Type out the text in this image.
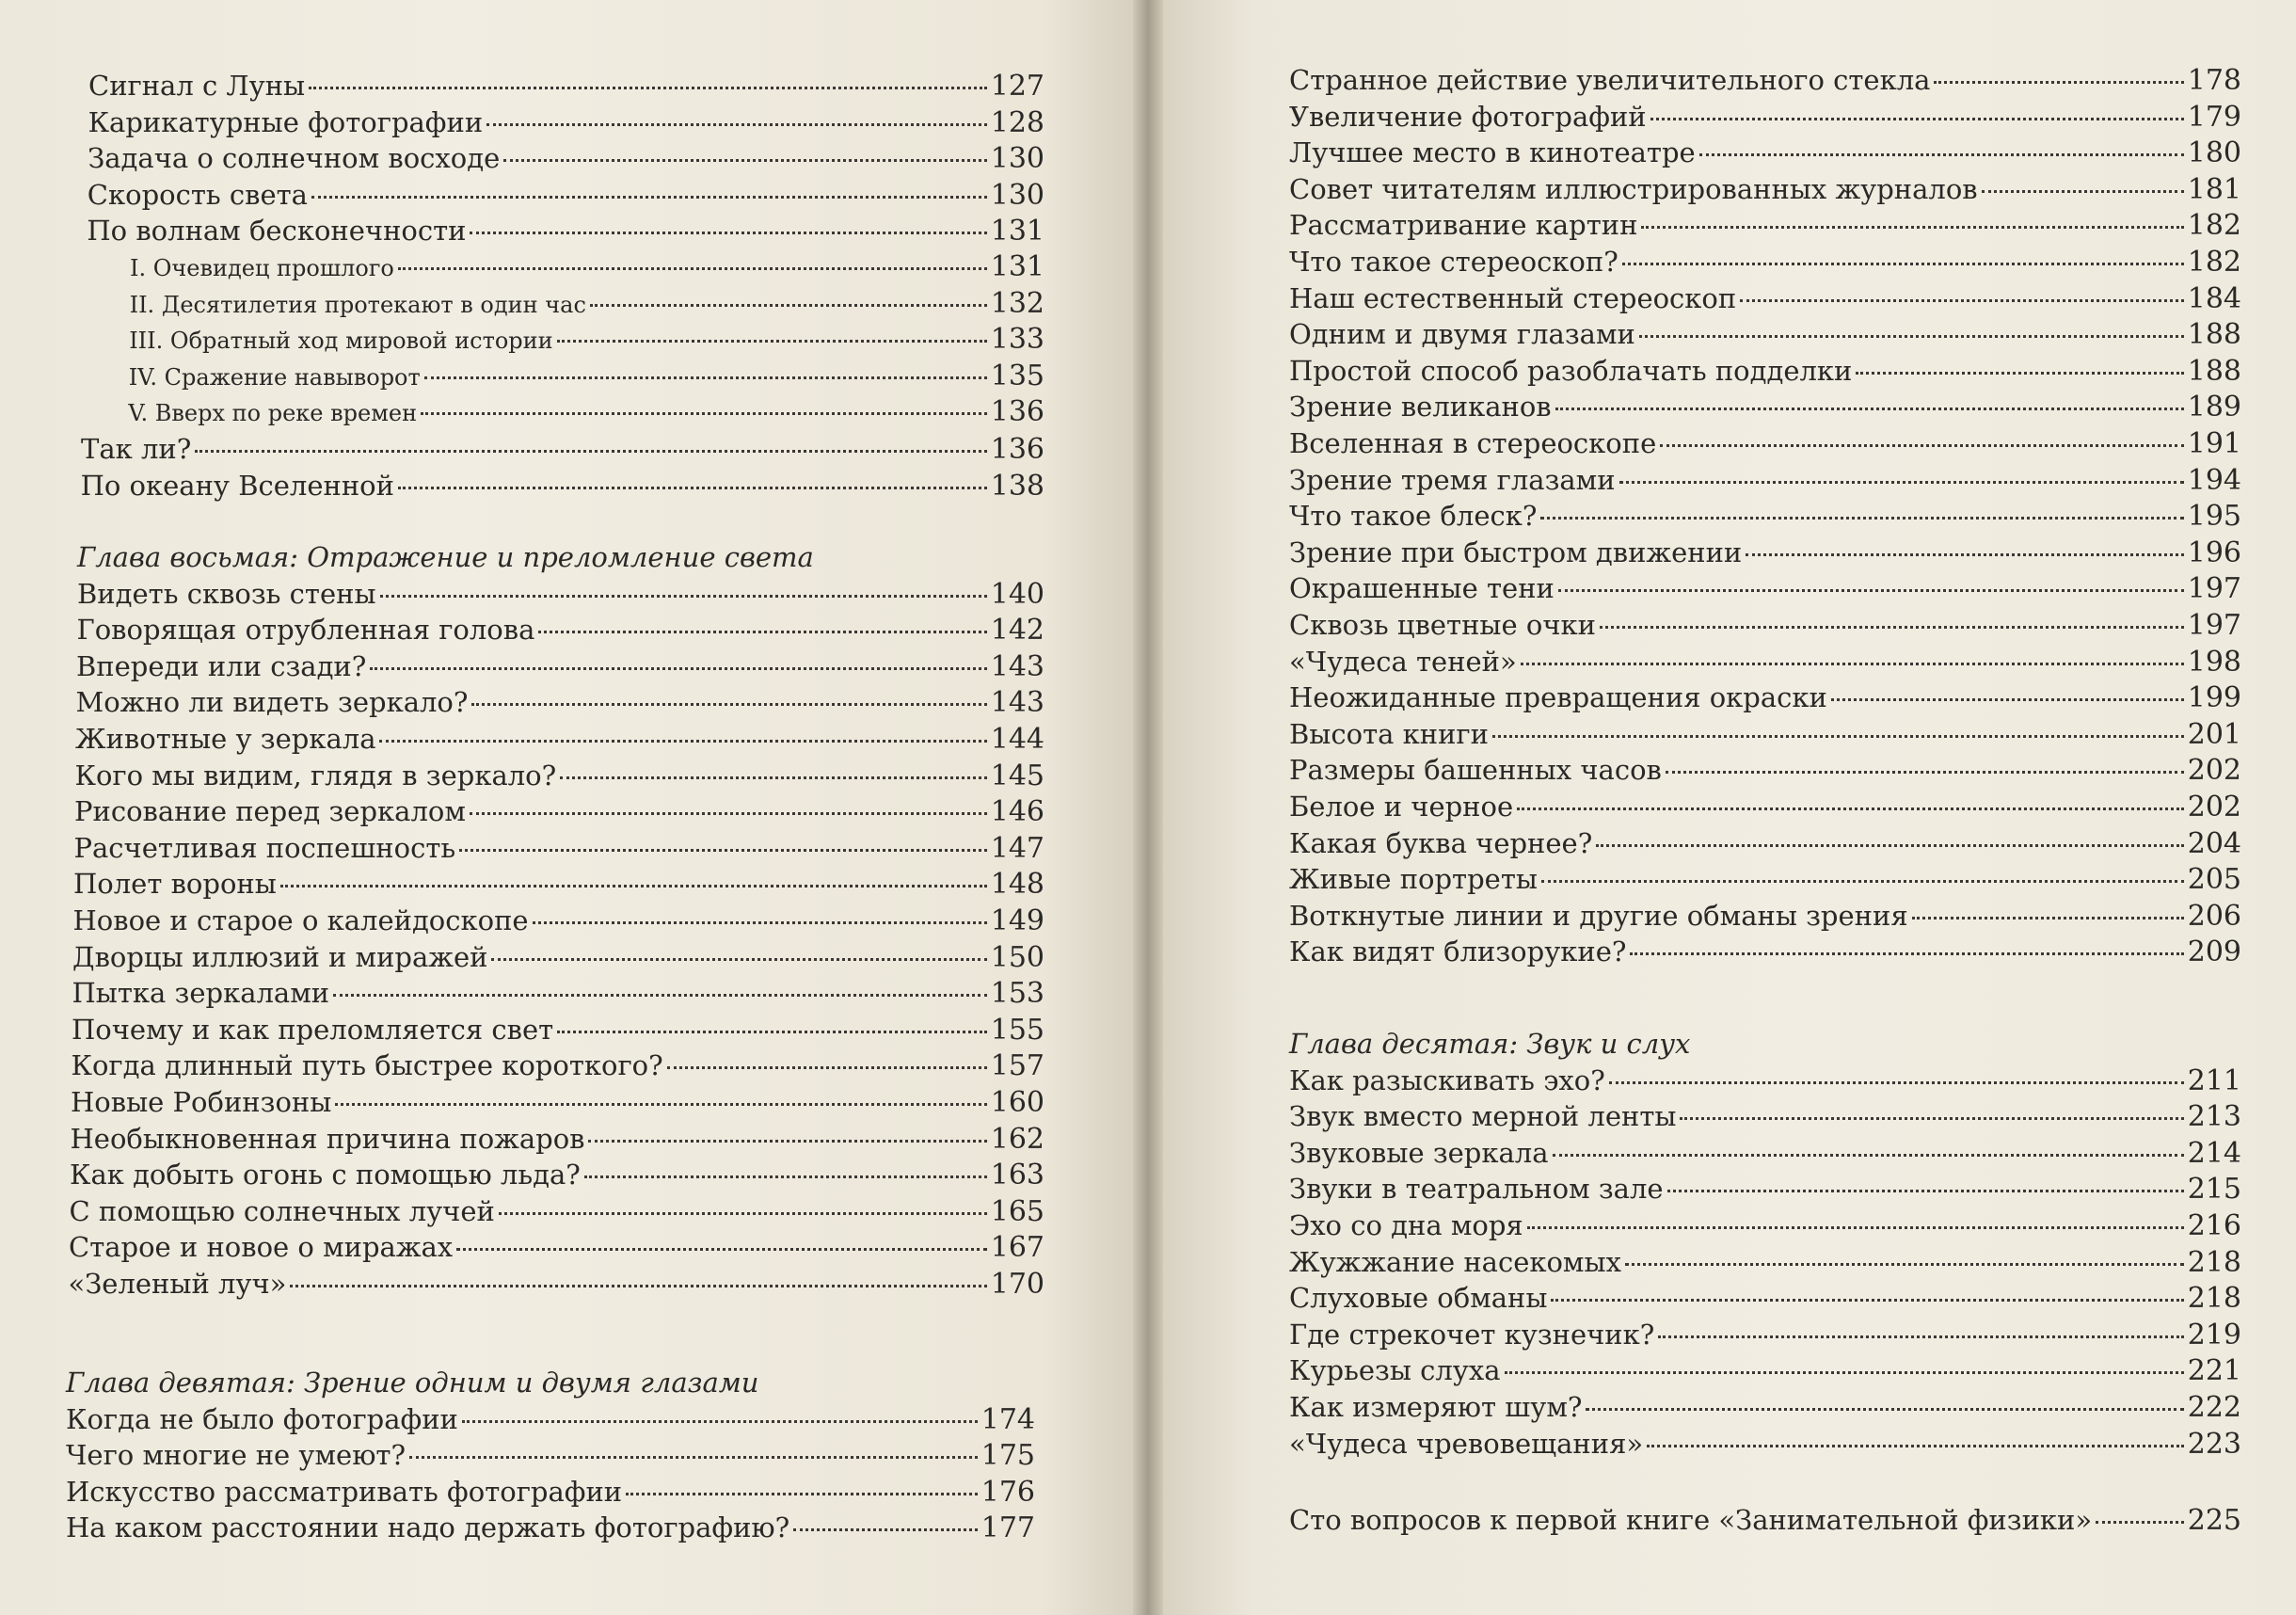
Сигнал с Луны	127
Карикатурные фотографии	128
Задача о солнечном восходе	130
Скорость света	130
По волнам бесконечности	131
I. Очевидец прошлого	131
II. Десятилетия протекают в один час	132
III. Обратный ход мировой истории	133
IV. Сражение навыворот	135
V. Вверх по реке времен	136
Так ли?	136
По океану Вселенной	138
Глава восьмая: Отражение и преломление света
Видеть сквозь стены	140
Говорящая отрубленная голова	142
Впереди или сзади?	143
Можно ли видеть зеркало?	143
Животные у зеркала	144
Кого мы видим, глядя в зеркало?	145
Рисование перед зеркалом	146
Расчетливая поспешность	147
Полет вороны	148
Новое и старое о калейдоскопе	149
Дворцы иллюзий и миражей	150
Пытка зеркалами	153
Почему и как преломляется свет	155
Когда длинный путь быстрее короткого?	157
Новые Робинзоны	160
Необыкновенная причина пожаров	162
Как добыть огонь с помощью льда?	163
С помощью солнечных лучей	165
Старое и новое о миражах	167
«Зеленый луч»	170
Глава девятая: Зрение одним и двумя глазами
Когда не было фотографии	174
Чего многие не умеют?	175
Искусство рассматривать фотографии	176
На каком расстоянии надо держать фотографию?	177
Странное действие увеличительного стекла	178
Увеличение фотографий	179
Лучшее место в кинотеатре	180
Совет читателям иллюстрированных журналов	181
Рассматривание картин	182
Что такое стереоскоп?	182
Наш естественный стереоскоп	184
Одним и двумя глазами	188
Простой способ разоблачать подделки	188
Зрение великанов	189
Вселенная в стереоскопе	191
Зрение тремя глазами	194
Что такое блеск?	195
Зрение при быстром движении	196
Окрашенные тени	197
Сквозь цветные очки	197
«Чудеса теней»	198
Неожиданные превращения окраски	199
Высота книги	201
Размеры башенных часов	202
Белое и черное	202
Какая буква чернее?	204
Живые портреты	205
Воткнутые линии и другие обманы зрения	206
Как видят близорукие?	209
Глава десятая: Звук и слух
Как разыскивать эхо?	211
Звук вместо мерной ленты	213
Звуковые зеркала	214
Звуки в театральном зале	215
Эхо со дна моря	216
Жужжание насекомых	218
Слуховые обманы	218
Где стрекочет кузнечик?	219
Курьезы слуха	221
Как измеряют шум?	222
«Чудеса чревовещания»	223
Сто вопросов к первой книге «Занимательной физики»	225
